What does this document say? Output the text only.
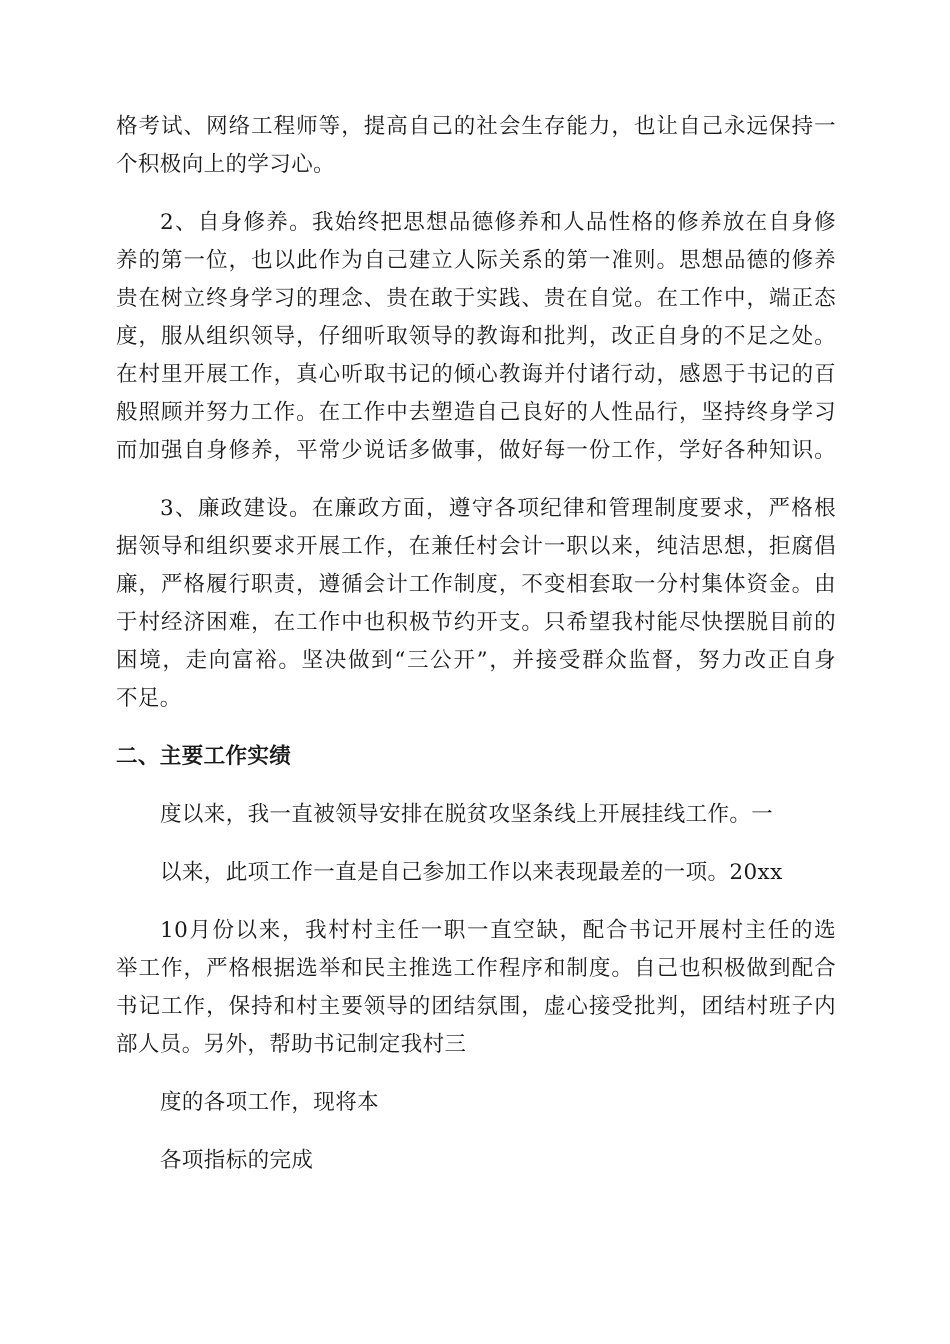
格考试、网络工程师等，提高自己的社会生存能力，也让自己永远保持一
个积极向上的学习心。
2、自身修养。我始终把思想品德修养和人品性格的修养放在自身修
养的第一位，也以此作为自己建立人际关系的第一准则。思想品德的修养
贵在树立终身学习的理念、贵在敢于实践、贵在自觉。在工作中，端正态
度，服从组织领导，仔细听取领导的教诲和批判，改正自身的不足之处。
在村里开展工作，真心听取书记的倾心教诲并付诸行动，感恩于书记的百
般照顾并努力工作。在工作中去塑造自己良好的人性品行，坚持终身学习
而加强自身修养，平常少说话多做事，做好每一份工作，学好各种知识。
3、廉政建设。在廉政方面，遵守各项纪律和管理制度要求，严格根
据领导和组织要求开展工作，在兼任村会计一职以来，纯洁思想，拒腐倡
廉，严格履行职责，遵循会计工作制度，不变相套取一分村集体资金。由
于村经济困难，在工作中也积极节约开支。只希望我村能尽快摆脱目前的
困境，走向富裕。坚决做到“三公开”，并接受群众监督，努力改正自身
不足。
二、主要工作实绩
度以来，我一直被领导安排在脱贫攻坚条线上开展挂线工作。一
以来，此项工作一直是自己参加工作以来表现最差的一项。20xx
10月份以来，我村村主任一职一直空缺，配合书记开展村主任的选
举工作，严格根据选举和民主推选工作程序和制度。自己也积极做到配合
书记工作，保持和村主要领导的团结氛围，虚心接受批判，团结村班子内
部人员。另外，帮助书记制定我村三
度的各项工作，现将本
各项指标的完成
